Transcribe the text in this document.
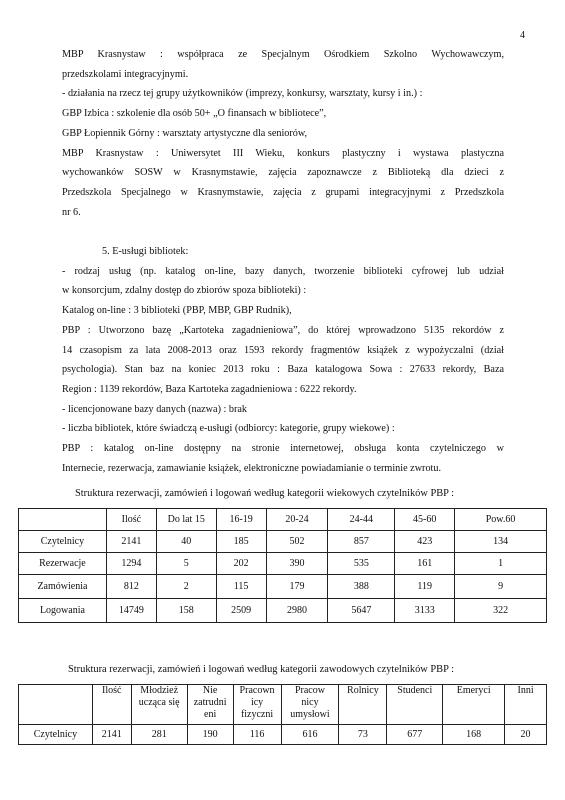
4

MBP Krasnystaw : współpraca ze Specjalnym Ośrodkiem Szkolno Wychowawczym,

przedszkolami integracyjnymi.

- działania na rzecz tej grupy użytkowników (imprezy, konkursy, warsztaty, kursy i in.) :

GBP Izbica : szkolenie dla osób 50+ „O finansach w bibliotece”,

GBP Łopiennik Górny : warsztaty artystyczne dla seniorów,

MBP Krasnystaw : Uniwersytet III Wieku, konkurs plastyczny i wystawa plastyczna

wychowanków SOSW w Krasnymstawie, zajęcia zapoznawcze z Biblioteką dla dzieci z

Przedszkola Specjalnego w Krasnymstawie, zajęcia z grupami integracyjnymi z Przedszkola

nr 6.

5. E-usługi bibliotek:

- rodzaj usług (np. katalog on-line, bazy danych, tworzenie biblioteki cyfrowej lub udział

w konsorcjum, zdalny dostęp do zbiorów spoza biblioteki) :

Katalog on-line : 3 biblioteki (PBP, MBP, GBP Rudnik),

PBP : Utworzono bazę „Kartoteka zagadnieniowa”, do której wprowadzono 5135 rekordów z

14 czasopism za lata 2008-2013 oraz 1593 rekordy fragmentów książek z wypożyczalni (dział

psychologia). Stan baz na koniec 2013 roku : Baza katalogowa Sowa : 27633 rekordy, Baza

Region : 1139 rekordów, Baza Kartoteka zagadnieniowa : 6222 rekordy.

- licencjonowane bazy danych (nazwa) : brak

- liczba bibliotek, które świadczą e-usługi (odbiorcy: kategorie, grupy wiekowe) :

PBP : katalog on-line dostępny na stronie internetowej, obsługa konta czytelniczego w

Internecie, rezerwacja, zamawianie książek, elektroniczne powiadamianie o terminie zwrotu.

Struktura rezerwacji, zamówień i logowań według kategorii wiekowych czytelników PBP :
	Ilość	Do lat 15	16-19	20-24	24-44	45-60	Pow.60
Czytelnicy	2141	40	185	502	857	423	134
Rezerwacje	1294	5	202	390	535	161	1
Zamówienia	812	2	115	179	388	119	9
Logowania	14749	158	2509	2980	5647	3133	322
Struktura rezerwacji, zamówień i logowań według kategorii zawodowych czytelników PBP :
	Ilość	Młodzież
ucząca się	Nie
zatrudni
eni	Pracown
icy
fizyczni	Pracow
nicy
umysłowi	Rolnicy	Studenci	Emeryci	Inni
Czytelnicy	2141	281	190	116	616	73	677	168	20
